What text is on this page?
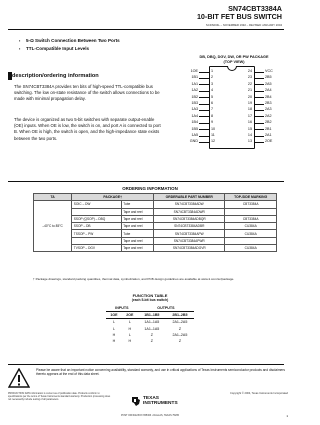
SN74CBT3384A
10-BIT FET BUS SWITCH
SCDS004L – NOVEMBER 1992 – REVISED JANUARY 2004
▪ 5-Ω Switch Connection Between Two Ports
▪ TTL-Compatible Input Levels
description/ordering information
The SN74CBT3384A provides ten bits of high-speed TTL-compatible bus switching. The low on-state resistance of the switch allows connections to be made with minimal propagation delay.
The device is organized as two 5-bit switches with separate output-enable (OE) inputs. When OE is low, the switch is on, and port A is connected to port B. When OE is high, the switch is open, and the high-impedance state exists between the two ports.
DB, DBQ, DGV, DW, OR PW PACKAGE
(TOP VIEW)
1OE	1
1B1	2
1A1	3
1A2	4
1B2	5
1B3	6
1A3	7
1A4	8
1B4	9
1B5	10
1A5	11
GND	12
24	VCC
23	2B5
22	2A5
21	2A4
20	2B4
19	2B3
18	2A3
17	2A2
16	2B2
15	2B1
14	2A1
13	2OE
ORDERING INFORMATION
TA	PACKAGE†		ORDERABLE PART NUMBER	TOP-SIDE MARKING
–40°C to 85°C	SOIC – DW	Tube	SN74CBT3384ADW	CBT3384A
		Tape and reel	SN74CBT3384ADWR	
	SSOP (QSOP) – DBQ	Tape and reel	SN74CBT3384ADBQR	CBT3384A
	SSOP – DB	Tape and reel	SN74CBT3384ADBR	CU384A
	TSSOP – PW	Tube	SN74CBT3384APW	CU384A
		Tape and reel	SN74CBT3384APWR	
	TVSOP – DGV	Tape and reel	SN74CBT3384ADGVR	CU384A
† Package drawings, standard packing quantities, thermal data, symbolization, and PCB design guidelines are available at www.ti.com/sc/package.
FUNCTION TABLE
(each 5-bit bus switch)
INPUTS		OUTPUTS	
1OE	2OE	1B1–1B5	2B1–2B5
L	L	1A1–1A5	2A1–2A5
L	H	1A1–1A5	Z
H	L	Z	2A1–2A5
H	H	Z	Z
Please be aware that an important notice concerning availability, standard warranty, and use in critical applications of Texas Instruments semiconductor products and disclaimers thereto appears at the end of this data sheet.
PRODUCTION DATA information is current as of publication date. Products conform to specifications per the terms of Texas Instruments standard warranty. Production processing does not necessarily include testing of all parameters.
Copyright © 2004, Texas Instruments Incorporated
TEXAS
INSTRUMENTS
POST OFFICE BOX 655303 • DALLAS, TEXAS 75265	1
